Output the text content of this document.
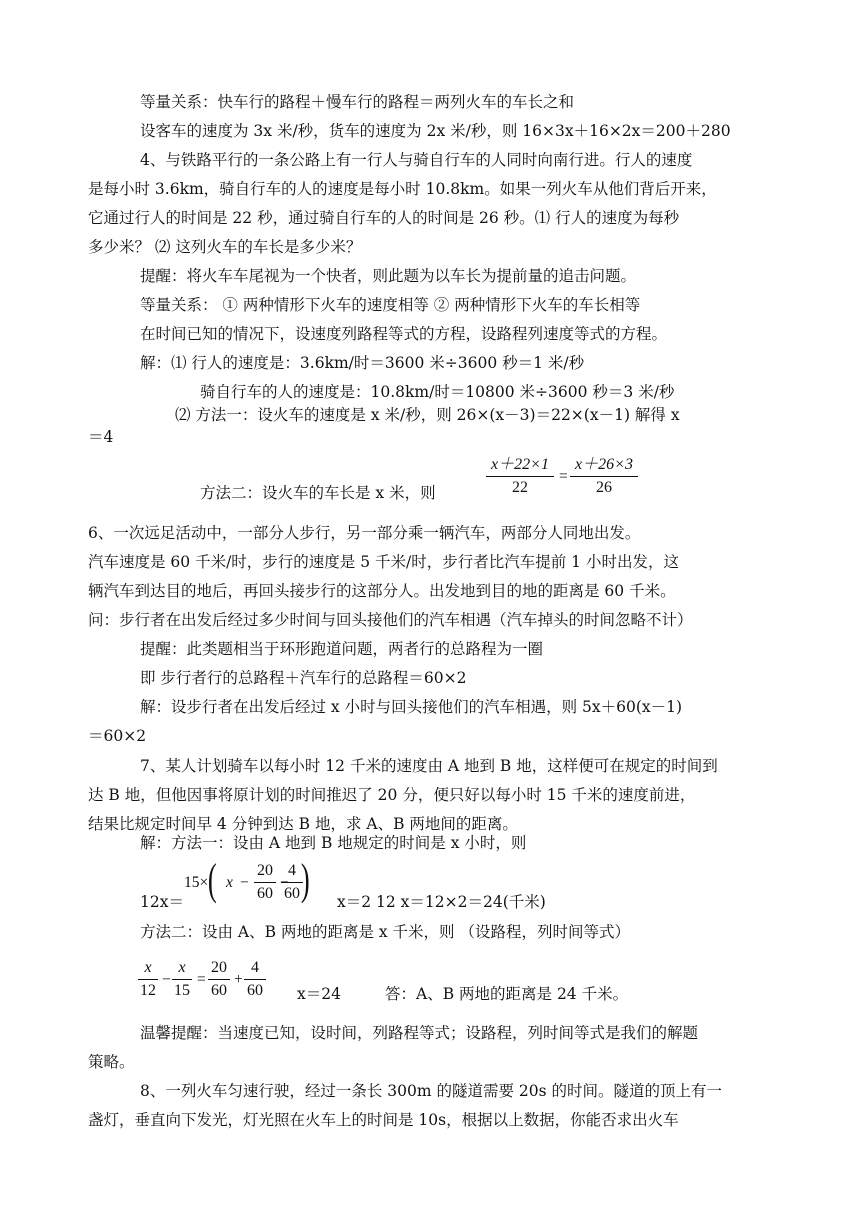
等量关系：快车行的路程＋慢车行的路程＝两列火车的车长之和
设客车的速度为 3x 米/秒，货车的速度为 2x 米/秒，则 16×3x＋16×2x＝200＋280
4、与铁路平行的一条公路上有一行人与骑自行车的人同时向南行进。行人的速度
是每小时 3.6km，骑自行车的人的速度是每小时 10.8km。如果一列火车从他们背后开来，
它通过行人的时间是 22 秒，通过骑自行车的人的时间是 26 秒。⑴ 行人的速度为每秒
多少米？ ⑵ 这列火车的车长是多少米？
提醒：将火车车尾视为一个快者，则此题为以车长为提前量的追击问题。
等量关系： ① 两种情形下火车的速度相等 ② 两种情形下火车的车长相等
在时间已知的情况下，设速度列路程等式的方程，设路程列速度等式的方程。
解：⑴ 行人的速度是：3.6km/时＝3600 米÷3600 秒＝1 米/秒
骑自行车的人的速度是：10.8km/时＝10800 米÷3600 秒＝3 米/秒
⑵ 方法一：设火车的速度是 x 米/秒，则 26×(x－3)＝22×(x－1) 解得 x
＝4
方法二：设火车的车长是 x 米，则
x＋22×1
22
=
x＋26×3
26
6、一次远足活动中，一部分人步行，另一部分乘一辆汽车，两部分人同地出发。
汽车速度是 60 千米/时，步行的速度是 5 千米/时，步行者比汽车提前 1 小时出发，这
辆汽车到达目的地后，再回头接步行的这部分人。出发地到目的地的距离是 60 千米。
问：步行者在出发后经过多少时间与回头接他们的汽车相遇（汽车掉头的时间忽略不计）
提醒：此类题相当于环形跑道问题，两者行的总路程为一圈
即 步行者行的总路程＋汽车行的总路程＝60×2
解：设步行者在出发后经过 x 小时与回头接他们的汽车相遇，则 5x＋60(x－1)
＝60×2
7、某人计划骑车以每小时 12 千米的速度由 A 地到 B 地，这样便可在规定的时间到
达 B 地，但他因事将原计划的时间推迟了 20 分，便只好以每小时 15 千米的速度前进，
结果比规定时间早 4 分钟到达 B 地，求 A、B 两地间的距离。
解：方法一：设由 A 地到 B 地规定的时间是 x 小时，则
12x＝
15× ( x −
20
60
−
4
60 ) x＝2 12 x＝12×2＝24(千米)
方法二：设由 A、B 两地的距离是 x 千米，则 （设路程，列时间等式）
x
12
−
x
15
=
20
60
+
4
60 x＝24	答：A、B 两地的距离是 24 千米。
温馨提醒：当速度已知，设时间，列路程等式；设路程，列时间等式是我们的解题
策略。
8、一列火车匀速行驶，经过一条长 300m 的隧道需要 20s 的时间。隧道的顶上有一
盏灯，垂直向下发光，灯光照在火车上的时间是 10s，根据以上数据，你能否求出火车
